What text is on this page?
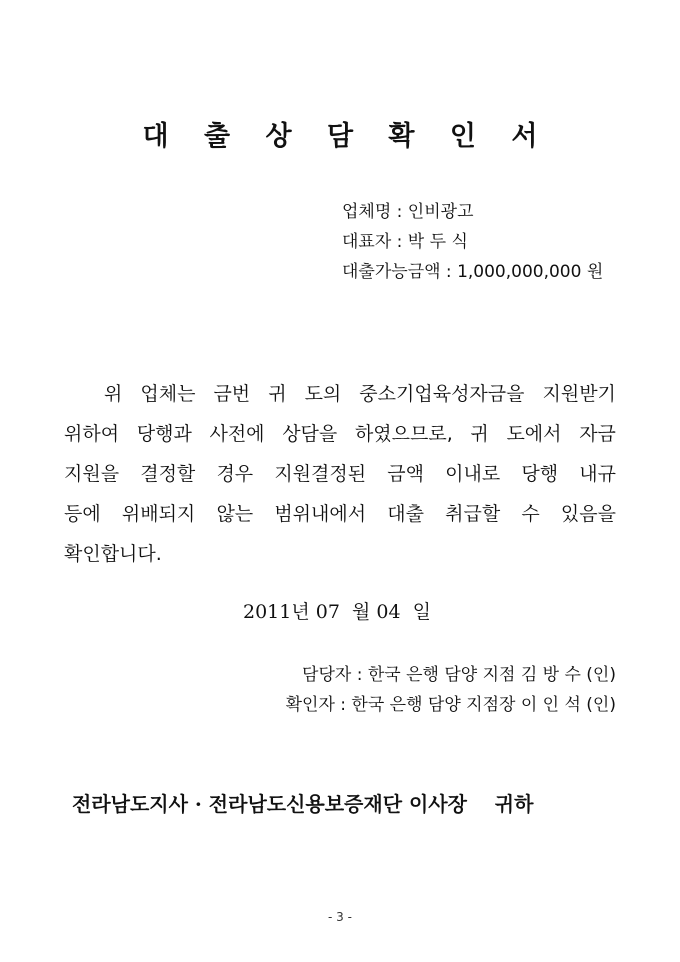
대 출 상 담 확 인 서
업체명 : 인비광고
대표자 : 박 두 식
대출가능금액 : 1,000,000,000 원
위 업체는 금번 귀 도의 중소기업육성자금을 지원받기
위하여 당행과 사전에 상담을 하였으므로, 귀 도에서 자금
지원을 결정할 경우 지원결정된 금액 이내로 당행 내규
등에 위배되지 않는 범위내에서 대출 취급할 수 있음을
확인합니다.
2011년 07  월 04  일
담당자 : 한국 은행 담양 지점 김 방 수 (인)
확인자 : 한국 은행 담양 지점장 이 인 석 (인)
전라남도지사 · 전라남도신용보증재단 이사장    귀하
- 3 -
